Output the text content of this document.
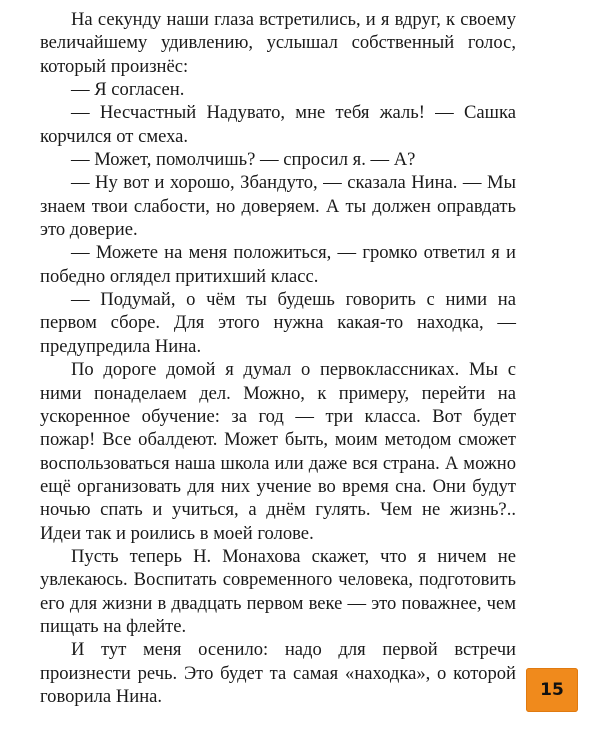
На секунду наши глаза встретились, и я вдруг, к своему величайшему удивлению, услышал собственный голос, который произнёс:

— Я согласен.

— Несчастный Надувато, мне тебя жаль! — Сашка корчился от смеха.

— Может, помолчишь? — спросил я. — А?

— Ну вот и хорошо, Збандуто, — сказала Нина. — Мы знаем твои слабости, но доверяем. А ты должен оправдать это доверие.

— Можете на меня положиться, — громко ответил я и победно оглядел притихший класс.

— Подумай, о чём ты будешь говорить с ними на первом сборе. Для этого нужна какая-то находка, — предупредила Нина.

По дороге домой я думал о первоклассниках. Мы с ними понаделаем дел. Можно, к примеру, перейти на ускоренное обучение: за год — три класса. Вот будет пожар! Все обалдеют. Может быть, моим методом сможет воспользоваться наша школа или даже вся страна. А можно ещё организовать для них учение во время сна. Они будут ночью спать и учиться, а днём гулять. Чем не жизнь?.. Идеи так и роились в моей голове.

Пусть теперь Н. Монахова скажет, что я ничем не увлекаюсь. Воспитать современного человека, подготовить его для жизни в двадцать первом веке — это поважнее, чем пищать на флейте.

И тут меня осенило: надо для первой встречи произнести речь. Это будет та самая «находка», о которой говорила Нина.	15
